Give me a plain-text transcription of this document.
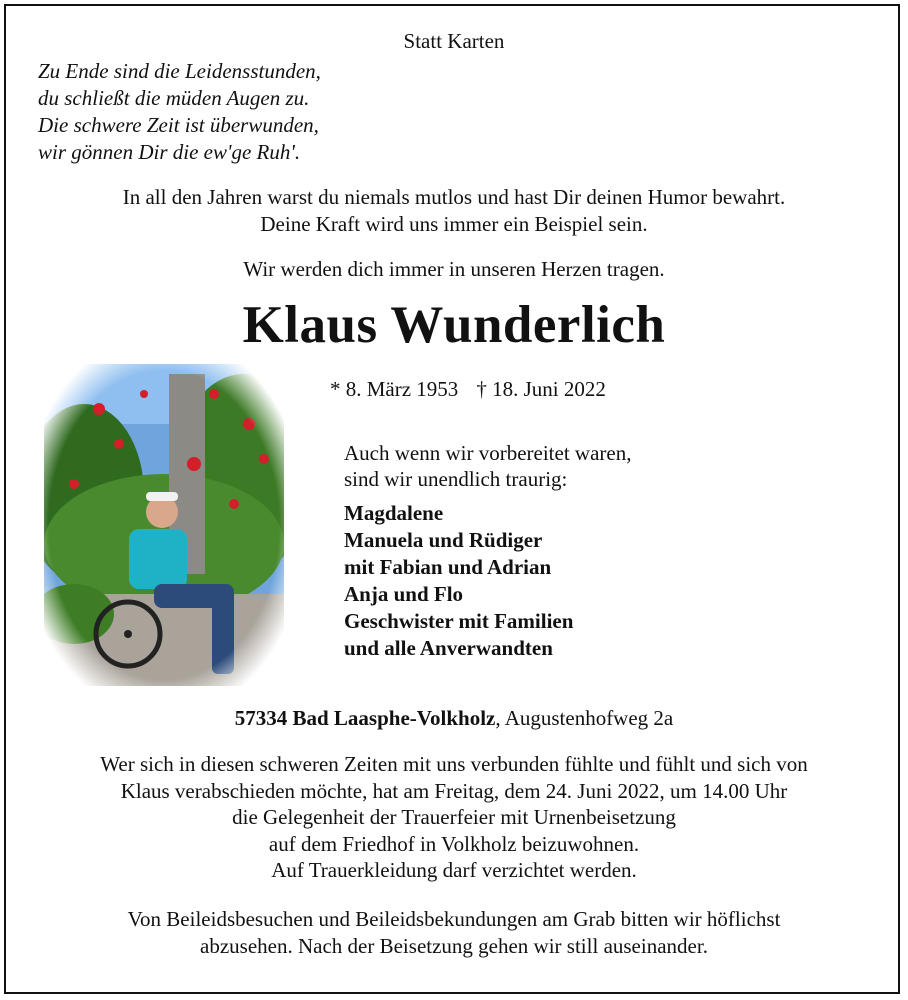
Statt Karten
Zu Ende sind die Leidensstunden,
du schließt die müden Augen zu.
Die schwere Zeit ist überwunden,
wir gönnen Dir die ew'ge Ruh'.
In all den Jahren warst du niemals mutlos und hast Dir deinen Humor bewahrt.
Deine Kraft wird uns immer ein Beispiel sein.
Wir werden dich immer in unseren Herzen tragen.
Klaus Wunderlich
* 8. März 1953 † 18. Juni 2022
Auch wenn wir vorbereitet waren,
sind wir unendlich traurig:
Magdalene
Manuela und Rüdiger
mit Fabian und Adrian
Anja und Flo
Geschwister mit Familien
und alle Anverwandten
57334 Bad Laasphe-Volkholz, Augustenhofweg 2a
Wer sich in diesen schweren Zeiten mit uns verbunden fühlte und fühlt und sich von
Klaus verabschieden möchte, hat am Freitag, dem 24. Juni 2022, um 14.00 Uhr
die Gelegenheit der Trauerfeier mit Urnenbeisetzung
auf dem Friedhof in Volkholz beizuwohnen.
Auf Trauerkleidung darf verzichtet werden.
Von Beileidsbesuchen und Beileidsbekundungen am Grab bitten wir höflichst
abzusehen. Nach der Beisetzung gehen wir still auseinander.
